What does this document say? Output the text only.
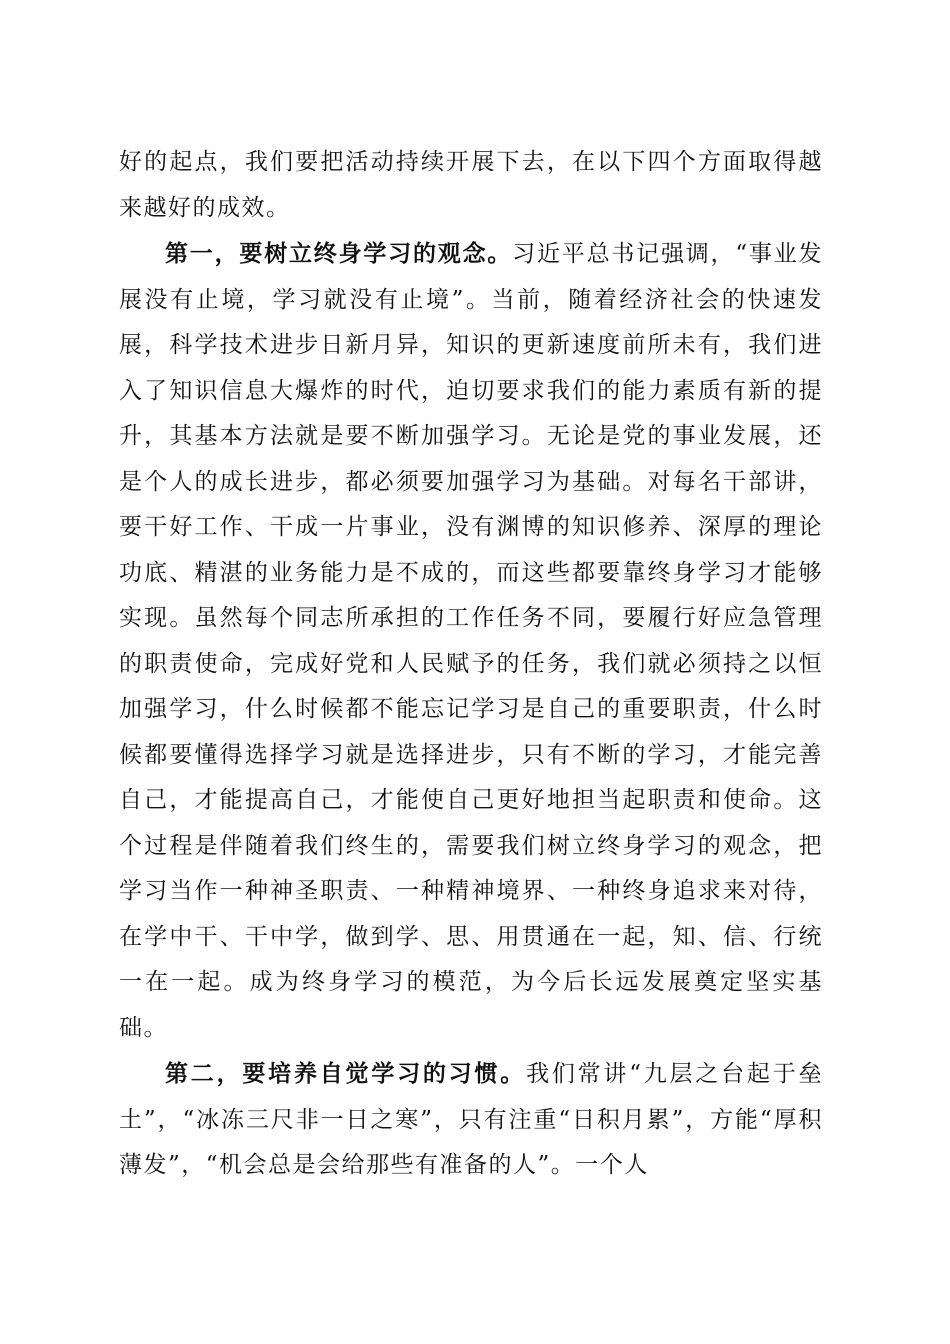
好的起点，我们要把活动持续开展下去，在以下四个方面取得越来越好的成效。

第一，要树立终身学习的观念。习近平总书记强调，“事业发展没有止境，学习就没有止境”。当前，随着经济社会的快速发展，科学技术进步日新月异，知识的更新速度前所未有，我们进入了知识信息大爆炸的时代，迫切要求我们的能力素质有新的提升，其基本方法就是要不断加强学习。无论是党的事业发展，还是个人的成长进步，都必须要加强学习为基础。对每名干部讲，要干好工作、干成一片事业，没有渊博的知识修养、深厚的理论功底、精湛的业务能力是不成的，而这些都要靠终身学习才能够实现。虽然每个同志所承担的工作任务不同，要履行好应急管理的职责使命，完成好党和人民赋予的任务，我们就必须持之以恒加强学习，什么时候都不能忘记学习是自己的重要职责，什么时候都要懂得选择学习就是选择进步，只有不断的学习，才能完善自己，才能提高自己，才能使自己更好地担当起职责和使命。这个过程是伴随着我们终生的，需要我们树立终身学习的观念，把学习当作一种神圣职责、一种精神境界、一种终身追求来对待，在学中干、干中学，做到学、思、用贯通在一起，知、信、行统一在一起。成为终身学习的模范，为今后长远发展奠定坚实基础。

第二，要培养自觉学习的习惯。我们常讲“九层之台起于垒土”，“冰冻三尺非一日之寒”，只有注重“日积月累”，方能“厚积薄发”，“机会总是会给那些有准备的人”。一个人
